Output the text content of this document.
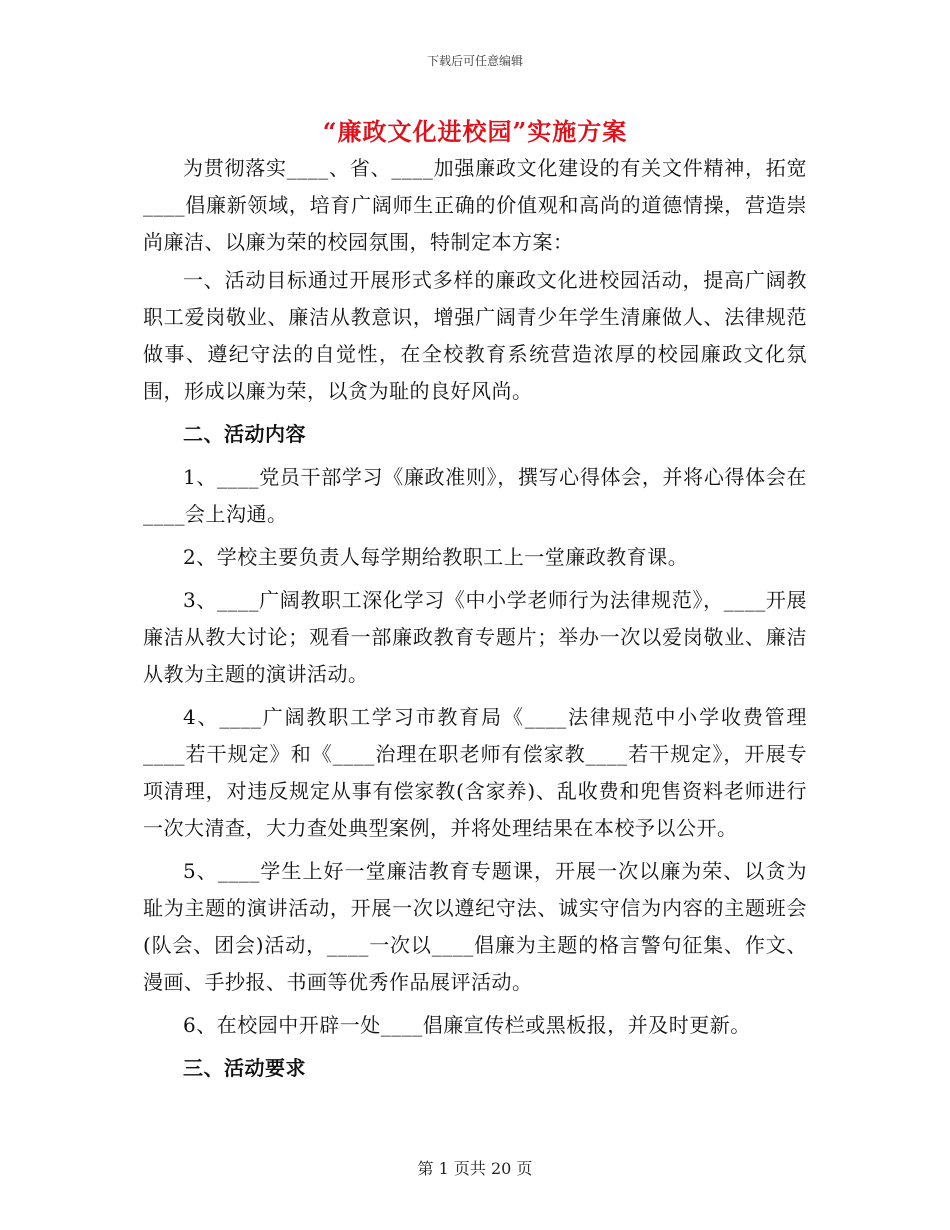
下载后可任意编辑
“廉政文化进校园”实施方案

为贯彻落实____、省、____加强廉政文化建设的有关文件精神，拓宽____倡廉新领域，培育广阔师生正确的价值观和高尚的道德情操，营造崇尚廉洁、以廉为荣的校园氛围，特制定本方案：

一、活动目标通过开展形式多样的廉政文化进校园活动，提高广阔教职工爱岗敬业、廉洁从教意识，增强广阔青少年学生清廉做人、法律规范做事、遵纪守法的自觉性，在全校教育系统营造浓厚的校园廉政文化氛围，形成以廉为荣，以贪为耻的良好风尚。

二、活动内容

1、____党员干部学习《廉政准则》，撰写心得体会，并将心得体会在____会上沟通。

2、学校主要负责人每学期给教职工上一堂廉政教育课。

3、____广阔教职工深化学习《中小学老师行为法律规范》，____开展廉洁从教大讨论；观看一部廉政教育专题片；举办一次以爱岗敬业、廉洁从教为主题的演讲活动。

4、____广阔教职工学习市教育局《____法律规范中小学收费管理____若干规定》和《____治理在职老师有偿家教____若干规定》，开展专项清理，对违反规定从事有偿家教(含家养)、乱收费和兜售资料老师进行一次大清查，大力查处典型案例，并将处理结果在本校予以公开。

5、____学生上好一堂廉洁教育专题课，开展一次以廉为荣、以贪为耻为主题的演讲活动，开展一次以遵纪守法、诚实守信为内容的主题班会(队会、团会)活动，____一次以____倡廉为主题的格言警句征集、作文、漫画、手抄报、书画等优秀作品展评活动。

6、在校园中开辟一处____倡廉宣传栏或黑板报，并及时更新。

三、活动要求

第 1 页共 20 页
